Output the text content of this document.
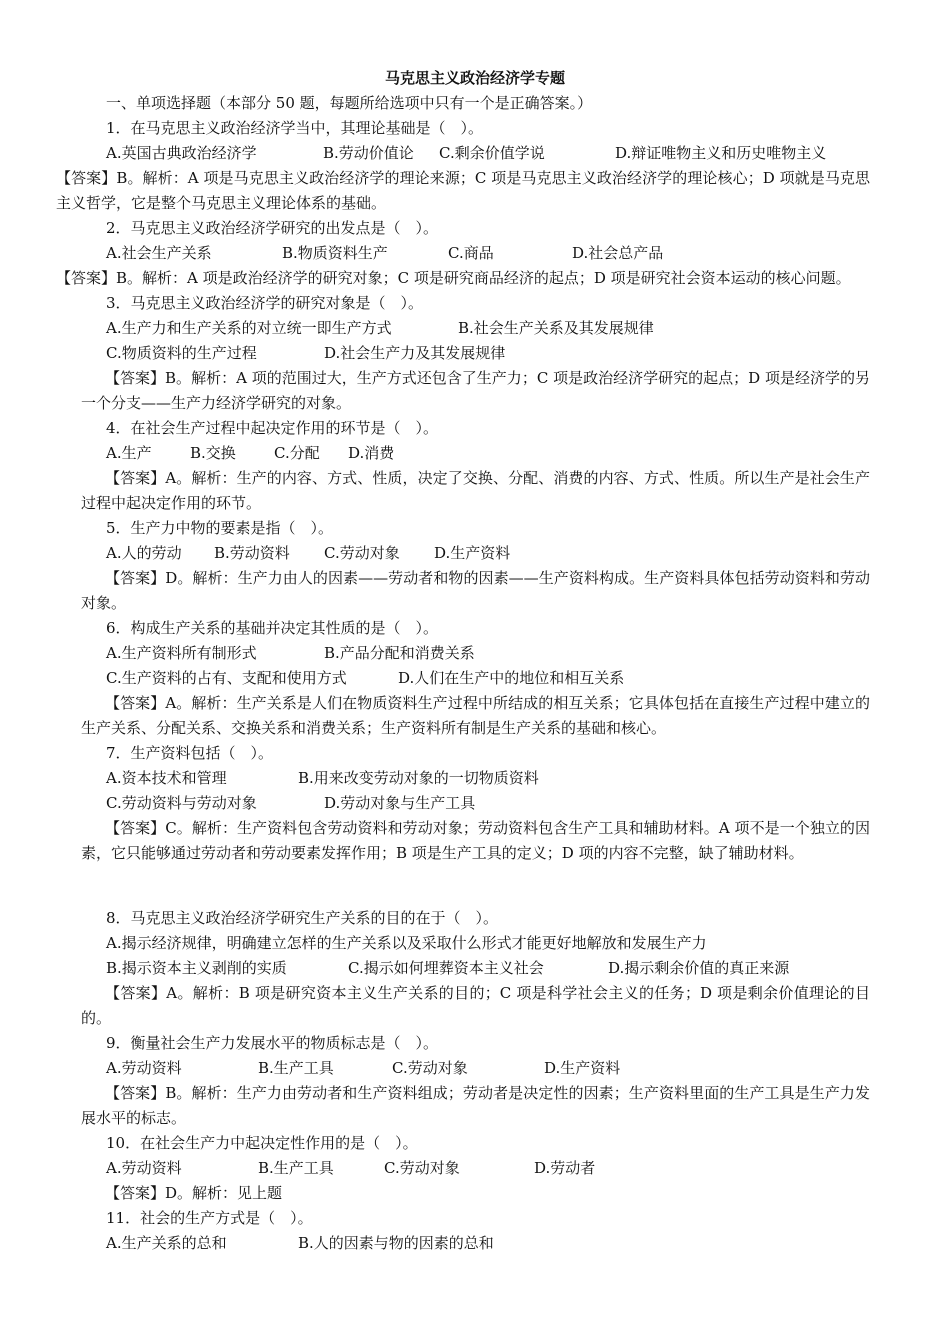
马克思主义政治经济学专题

一、单项选择题（本部分 50 题，每题所给选项中只有一个是正确答案。）

1．在马克思主义政治经济学当中，其理论基础是（　）。

A.英国古典政治经济学	B.劳动价值论 C.剩余价值学说	D.辩证唯物主义和历史唯物主义

【答案】B。解析：A 项是马克思主义政治经济学的理论来源；C 项是马克思主义政治经济学的理论核心；D 项就是马克思主义哲学，它是整个马克思主义理论体系的基础。

2．马克思主义政治经济学研究的出发点是（　）。

A.社会生产关系	B.物质资料生产	C.商品	D.社会总产品

【答案】B。解析：A 项是政治经济学的研究对象；C 项是研究商品经济的起点；D 项是研究社会资本运动的核心问题。

3．马克思主义政治经济学的研究对象是（　）。

A.生产力和生产关系的对立统一即生产方式	B.社会生产关系及其发展规律

C.物质资料的生产过程	D.社会生产力及其发展规律

【答案】B。解析：A 项的范围过大，生产方式还包含了生产力；C 项是政治经济学研究的起点；D 项是经济学的另一个分支——生产力经济学研究的对象。

4．在社会生产过程中起决定作用的环节是（　）。

A.生产	B.交换	C.分配 D.消费

【答案】A。解析：生产的内容、方式、性质，决定了交换、分配、消费的内容、方式、性质。所以生产是社会生产过程中起决定作用的环节。

5．生产力中物的要素是指（　）。

A.人的劳动 B.劳动资料 C.劳动对象 D.生产资料

【答案】D。解析：生产力由人的因素——劳动者和物的因素——生产资料构成。生产资料具体包括劳动资料和劳动对象。

6．构成生产关系的基础并决定其性质的是（　）。

A.生产资料所有制形式	B.产品分配和消费关系

C.生产资料的占有、支配和使用方式	D.人们在生产中的地位和相互关系

【答案】A。解析：生产关系是人们在物质资料生产过程中所结成的相互关系；它具体包括在直接生产过程中建立的生产关系、分配关系、交换关系和消费关系；生产资料所有制是生产关系的基础和核心。

7．生产资料包括（　）。

A.资本技术和管理	B.用来改变劳动对象的一切物质资料

C.劳动资料与劳动对象	D.劳动对象与生产工具

【答案】C。解析：生产资料包含劳动资料和劳动对象；劳动资料包含生产工具和辅助材料。A 项不是一个独立的因素，它只能够通过劳动者和劳动要素发挥作用；B 项是生产工具的定义；D 项的内容不完整，缺了辅助材料。

8．马克思主义政治经济学研究生产关系的目的在于（　）。

A.揭示经济规律，明确建立怎样的生产关系以及采取什么形式才能更好地解放和发展生产力

B.揭示资本主义剥削的实质	C.揭示如何埋葬资本主义社会	D.揭示剩余价值的真正来源

【答案】A。解析：B 项是研究资本主义生产关系的目的；C 项是科学社会主义的任务；D 项是剩余价值理论的目的。

9．衡量社会生产力发展水平的物质标志是（　）。

A.劳动资料	B.生产工具	C.劳动对象	D.生产资料

【答案】B。解析：生产力由劳动者和生产资料组成；劳动者是决定性的因素；生产资料里面的生产工具是生产力发展水平的标志。

10．在社会生产力中起决定性作用的是（　）。

A.劳动资料	B.生产工具	C.劳动对象	D.劳动者

【答案】D。解析：见上题

11．社会的生产方式是（　）。

A.生产关系的总和	B.人的因素与物的因素的总和
